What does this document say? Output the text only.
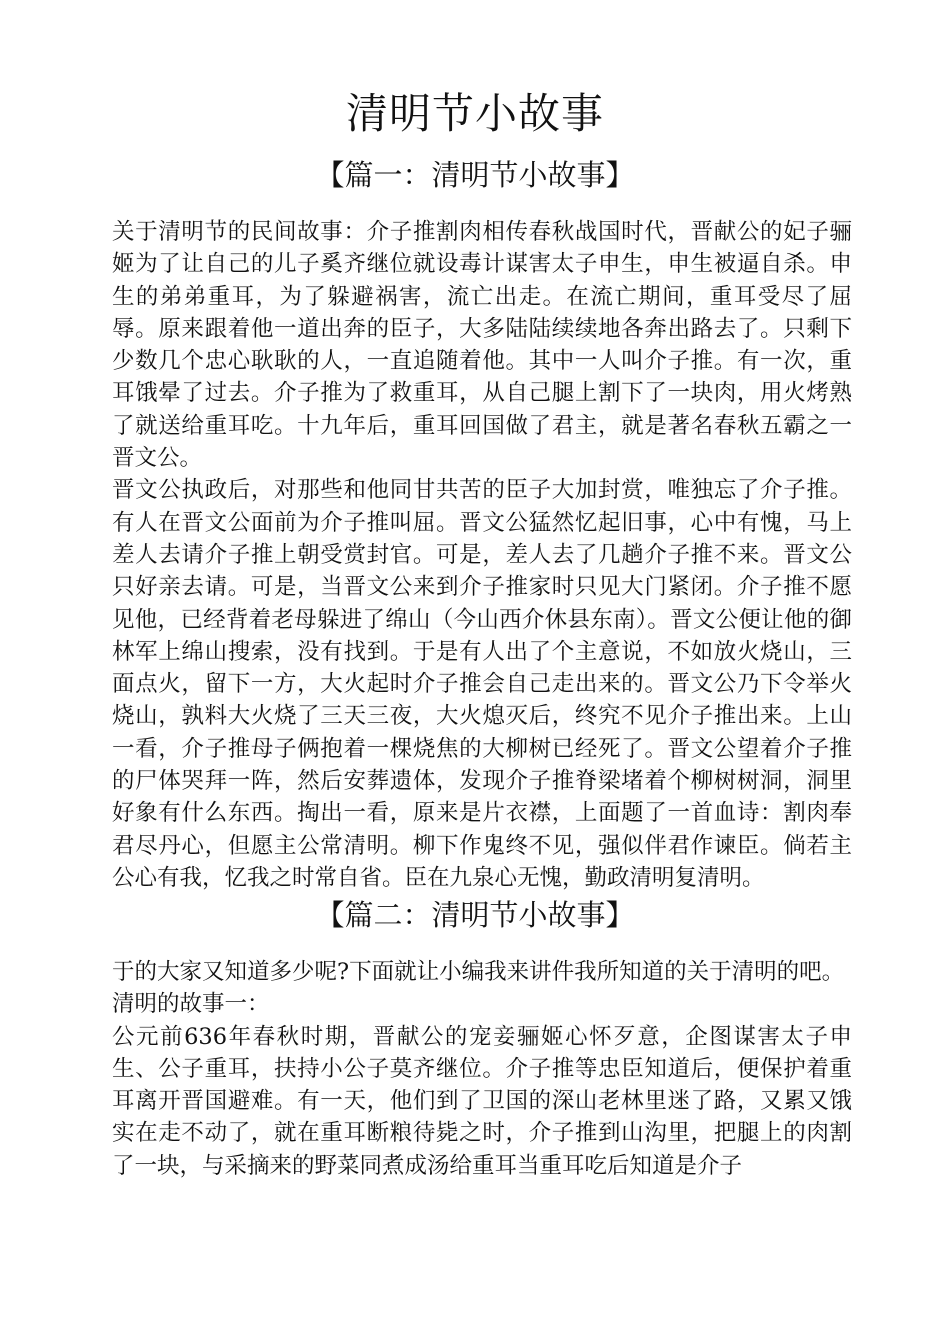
清明节小故事
【篇一：清明节小故事】

关于清明节的民间故事：介子推割肉相传春秋战国时代，晋献公的妃子骊姬为了让自己的儿子奚齐继位就设毒计谋害太子申生，申生被逼自杀。申生的弟弟重耳，为了躲避祸害，流亡出走。在流亡期间，重耳受尽了屈辱。原来跟着他一道出奔的臣子，大多陆陆续续地各奔出路去了。只剩下少数几个忠心耿耿的人，一直追随着他。其中一人叫介子推。有一次，重耳饿晕了过去。介子推为了救重耳，从自己腿上割下了一块肉，用火烤熟了就送给重耳吃。十九年后，重耳回国做了君主，就是著名春秋五霸之一晋文公。

晋文公执政后，对那些和他同甘共苦的臣子大加封赏，唯独忘了介子推。有人在晋文公面前为介子推叫屈。晋文公猛然忆起旧事，心中有愧，马上差人去请介子推上朝受赏封官。可是，差人去了几趟介子推不来。晋文公只好亲去请。可是，当晋文公来到介子推家时只见大门紧闭。介子推不愿见他，已经背着老母躲进了绵山（今山西介休县东南）。晋文公便让他的御林军上绵山搜索，没有找到。于是有人出了个主意说，不如放火烧山，三面点火，留下一方，大火起时介子推会自己走出来的。晋文公乃下令举火烧山，孰料大火烧了三天三夜，大火熄灭后，终究不见介子推出来。上山一看，介子推母子俩抱着一棵烧焦的大柳树已经死了。晋文公望着介子推的尸体哭拜一阵，然后安葬遗体，发现介子推脊梁堵着个柳树树洞，洞里好象有什么东西。掏出一看，原来是片衣襟，上面题了一首血诗：割肉奉君尽丹心，但愿主公常清明。柳下作鬼终不见，强似伴君作谏臣。倘若主公心有我，忆我之时常自省。臣在九泉心无愧，勤政清明复清明。

【篇二：清明节小故事】

于的大家又知道多少呢?下面就让小编我来讲件我所知道的关于清明的吧。

清明的故事一：

公元前636年春秋时期，晋献公的宠妾骊姬心怀歹意，企图谋害太子申生、公子重耳，扶持小公子莫齐继位。介子推等忠臣知道后，便保护着重耳离开晋国避难。有一天，他们到了卫国的深山老林里迷了路，又累又饿实在走不动了，就在重耳断粮待毙之时，介子推到山沟里，把腿上的肉割了一块，与采摘来的野菜同煮成汤给重耳当重耳吃后知道是介子
